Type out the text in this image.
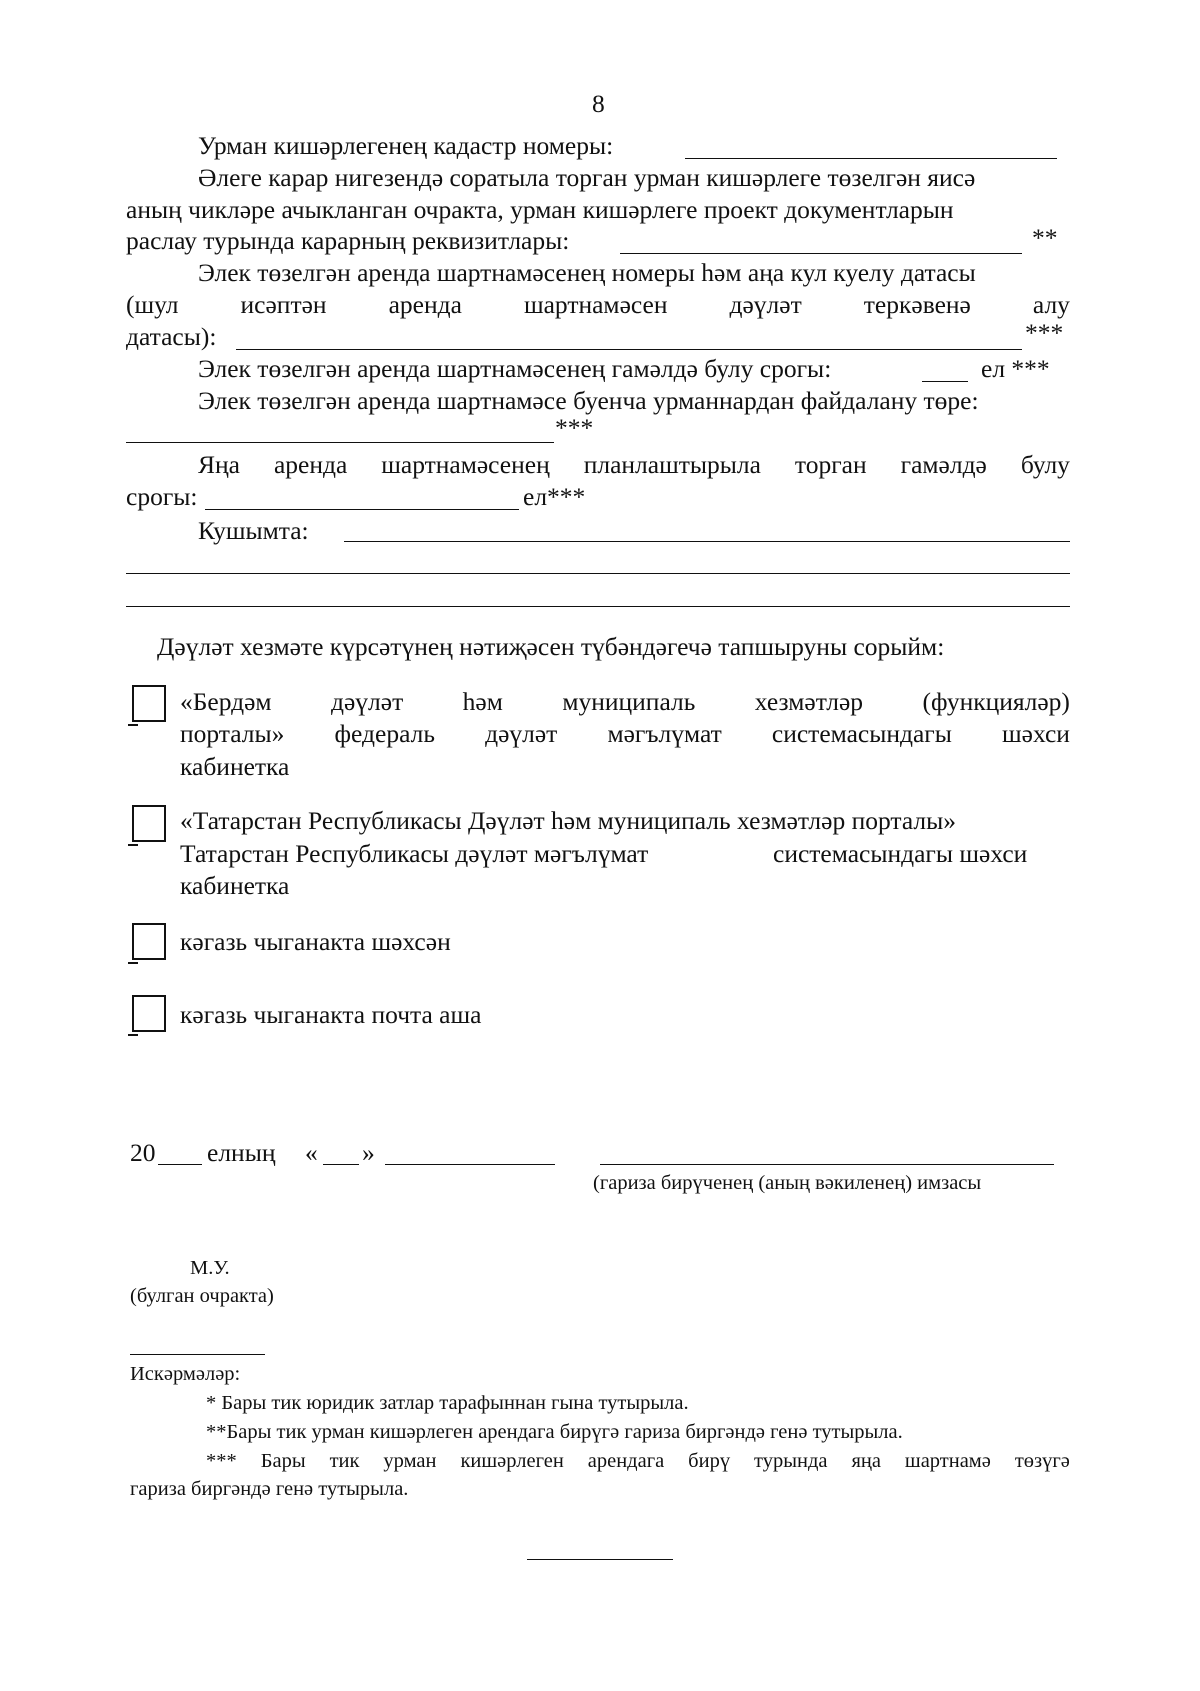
8
Урман кишәрлегенең кадастр номеры:
Әлеге карар нигезендә соратыла торган урман кишәрлеге төзелгән яисә
аның чикләре ачыкланган очракта, урман кишәрлеге проект документларын
раслау турында карарның реквизитлары:	**
Элек төзелгән аренда шартнамәсенең номеры һәм аңа кул куелу датасы
(шул исәптән аренда шартнамәсен дәүләт теркәвенә алу
датасы):	***
Элек төзелгән аренда шартнамәсенең гамәлдә булу срогы:	ел ***
Элек төзелгән аренда шартнамәсе буенча урманнардан файдалану төре:
***
Яңа аренда шартнамәсенең планлаштырыла торган гамәлдә булу
срогы:	ел***
Кушымта:
Дәүләт хезмәте күрсәтүнең нәтиҗәсен түбәндәгечә тапшыруны сорыйм:
«Бердәм дәүләт һәм муниципаль хезмәтләр (функцияләр)
порталы» федераль дәүләт мәгълүмат системасындагы шәхси
кабинетка
«Татарстан Республикасы Дәүләт һәм муниципаль хезмәтләр порталы»
Татарстан Республикасы дәүләт мәгълүмат	системасындагы шәхси
кабинетка
кәгазь чыганакта шәхсән
кәгазь чыганакта почта аша
20 елның « »
(гариза бирүченең (аның вәкиленең) имзасы
М.У.
(булган очракта)
Искәрмәләр:
* Бары тик юридик затлар тарафыннан гына тутырыла.
**Бары тик урман кишәрлеген арендага бирүгә гариза биргәндә генә тутырыла.
*** Бары тик урман кишәрлеген арендага бирү турында яңа шартнамә төзүгә
гариза биргәндә генә тутырыла.
